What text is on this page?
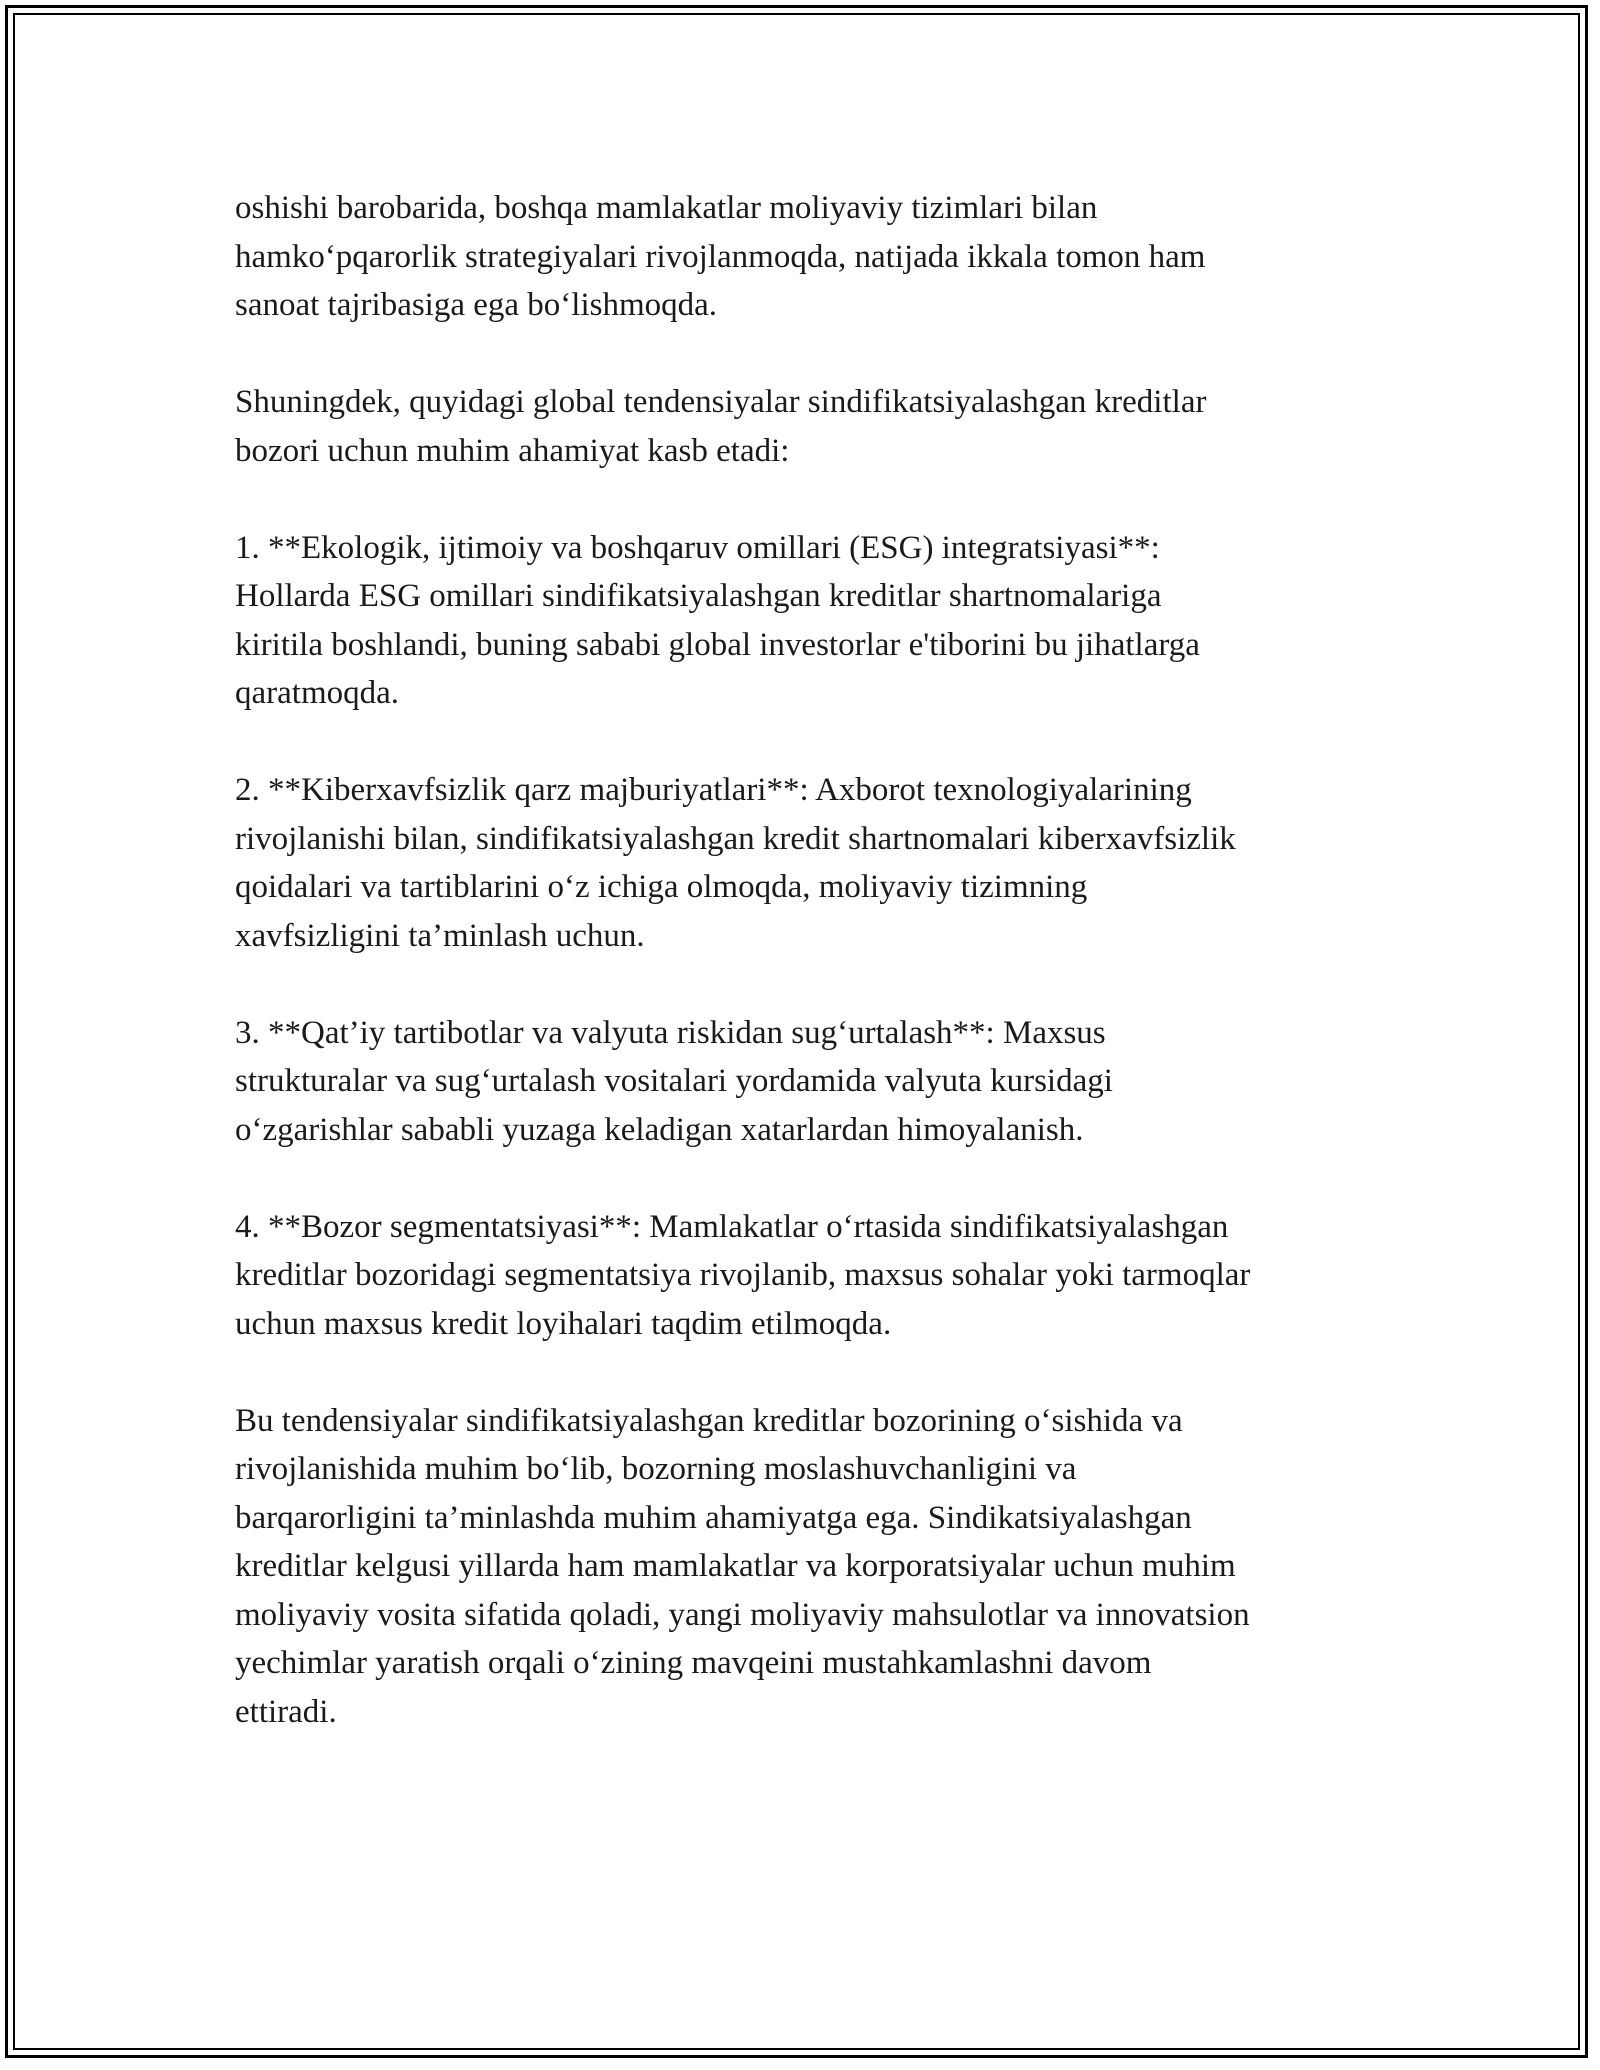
oshishi barobarida, boshqa mamlakatlar moliyaviy tizimlari bilan
hamko‘pqarorlik strategiyalari rivojlanmoqda, natijada ikkala tomon ham
sanoat tajribasiga ega bo‘lishmoqda.

Shuningdek, quyidagi global tendensiyalar sindifikatsiyalashgan kreditlar
bozori uchun muhim ahamiyat kasb etadi:

1. **Ekologik, ijtimoiy va boshqaruv omillari (ESG) integratsiyasi**:
Hollarda ESG omillari sindifikatsiyalashgan kreditlar shartnomalariga
kiritila boshlandi, buning sababi global investorlar e'tiborini bu jihatlarga
qaratmoqda.

2. **Kiberxavfsizlik qarz majburiyatlari**: Axborot texnologiyalarining
rivojlanishi bilan, sindifikatsiyalashgan kredit shartnomalari kiberxavfsizlik
qoidalari va tartiblarini o‘z ichiga olmoqda, moliyaviy tizimning
xavfsizligini ta’minlash uchun.

3. **Qat’iy tartibotlar va valyuta riskidan sug‘urtalash**: Maxsus
strukturalar va sug‘urtalash vositalari yordamida valyuta kursidagi
o‘zgarishlar sababli yuzaga keladigan xatarlardan himoyalanish.

4. **Bozor segmentatsiyasi**: Mamlakatlar o‘rtasida sindifikatsiyalashgan
kreditlar bozoridagi segmentatsiya rivojlanib, maxsus sohalar yoki tarmoqlar
uchun maxsus kredit loyihalari taqdim etilmoqda.

Bu tendensiyalar sindifikatsiyalashgan kreditlar bozorining o‘sishida va
rivojlanishida muhim bo‘lib, bozorning moslashuvchanligini va
barqarorligini ta’minlashda muhim ahamiyatga ega. Sindikatsiyalashgan
kreditlar kelgusi yillarda ham mamlakatlar va korporatsiyalar uchun muhim
moliyaviy vosita sifatida qoladi, yangi moliyaviy mahsulotlar va innovatsion
yechimlar yaratish orqali o‘zining mavqeini mustahkamlashni davom
ettiradi.
